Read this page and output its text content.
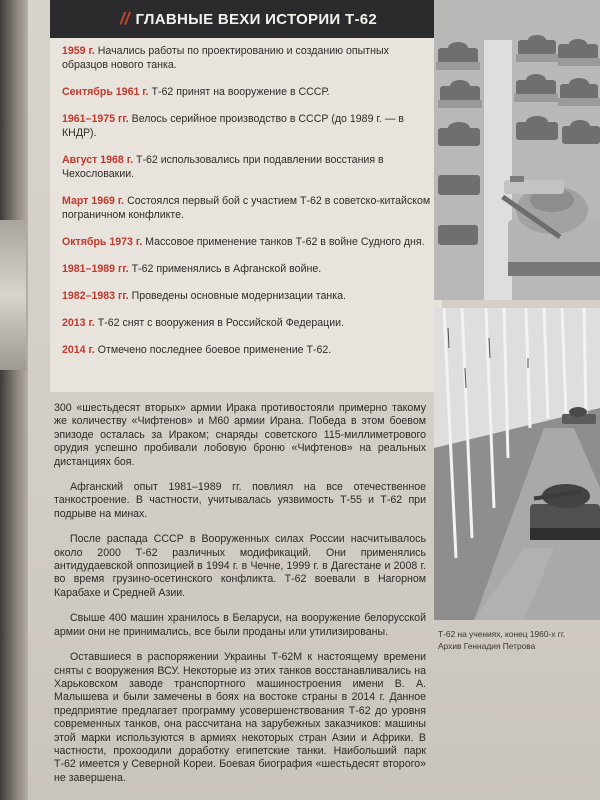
// ГЛАВНЫЕ ВЕХИ ИСТОРИИ Т-62
1959 г. Начались работы по проектированию и созданию опытных образцов нового танка.
Сентябрь 1961 г. Т-62 принят на вооружение в СССР.
1961–1975 гг. Велось серийное производство в СССР (до 1989 г. — в КНДР).
Август 1968 г. Т-62 использовались при подавлении восстания в Чехословакии.
Март 1969 г. Состоялся первый бой с участием Т-62 в советско-китайском пограничном конфликте.
Октябрь 1973 г. Массовое применение танков Т-62 в войне Судного дня.
1981–1989 гг. Т-62 применялись в Афганской войне.
1982–1983 гг. Проведены основные модернизации танка.
2013 г. Т-62 снят с вооружения в Российской Федерации.
2014 г. Отмечено последнее боевое применение Т-62.
Т-62 на учениях, конец 1960-х гг.
Архив Геннадия Петрова

300 «шестьдесят вторых» армии Ирака противостояли примерно такому же количеству «Чифтенов» и М60 армии Ирана. Победа в этом боевом эпизоде осталась за Ираком; снаряды советского 115-миллиметрового орудия успешно пробивали лобовую броню «Чифтенов» на реальных дистанциях боя.

Афганский опыт 1981–1989 гг. повлиял на все отечественное танкостроение. В частности, учитывалась уязвимость Т-55 и Т-62 при подрыве на минах.

После распада СССР в Вооруженных силах России насчитывалось около 2000 Т-62 различных модификаций. Они применялись антидудаевской оппозицией в 1994 г. в Чечне, 1999 г. в Дагестане и 2008 г. во время грузино-осетинского конфликта. Т-62 воевали в Нагорном Карабахе и Средней Азии.

Свыше 400 машин хранилось в Беларуси, на вооружение белорусской армии они не принимались, все были проданы или утилизированы.

Оставшиеся в распоряжении Украины Т-62М к настоящему времени сняты с вооружения ВСУ. Некоторые из этих танков восстанавливались на Харьковском заводе транспортного машиностроения имени В. А. Малышева и были замечены в боях на востоке страны в 2014 г. Данное предприятие предлагает программу усовершенствования Т-62 до уровня современных танков, она рассчитана на зарубежных заказчиков: машины этой марки используются в армиях некоторых стран Азии и Африки. В частности, прохоодили доработку египетские танки. Наибольший парк Т-62 имеется у Северной Кореи. Боевая биография «шестьдесят второго» не завершена.
